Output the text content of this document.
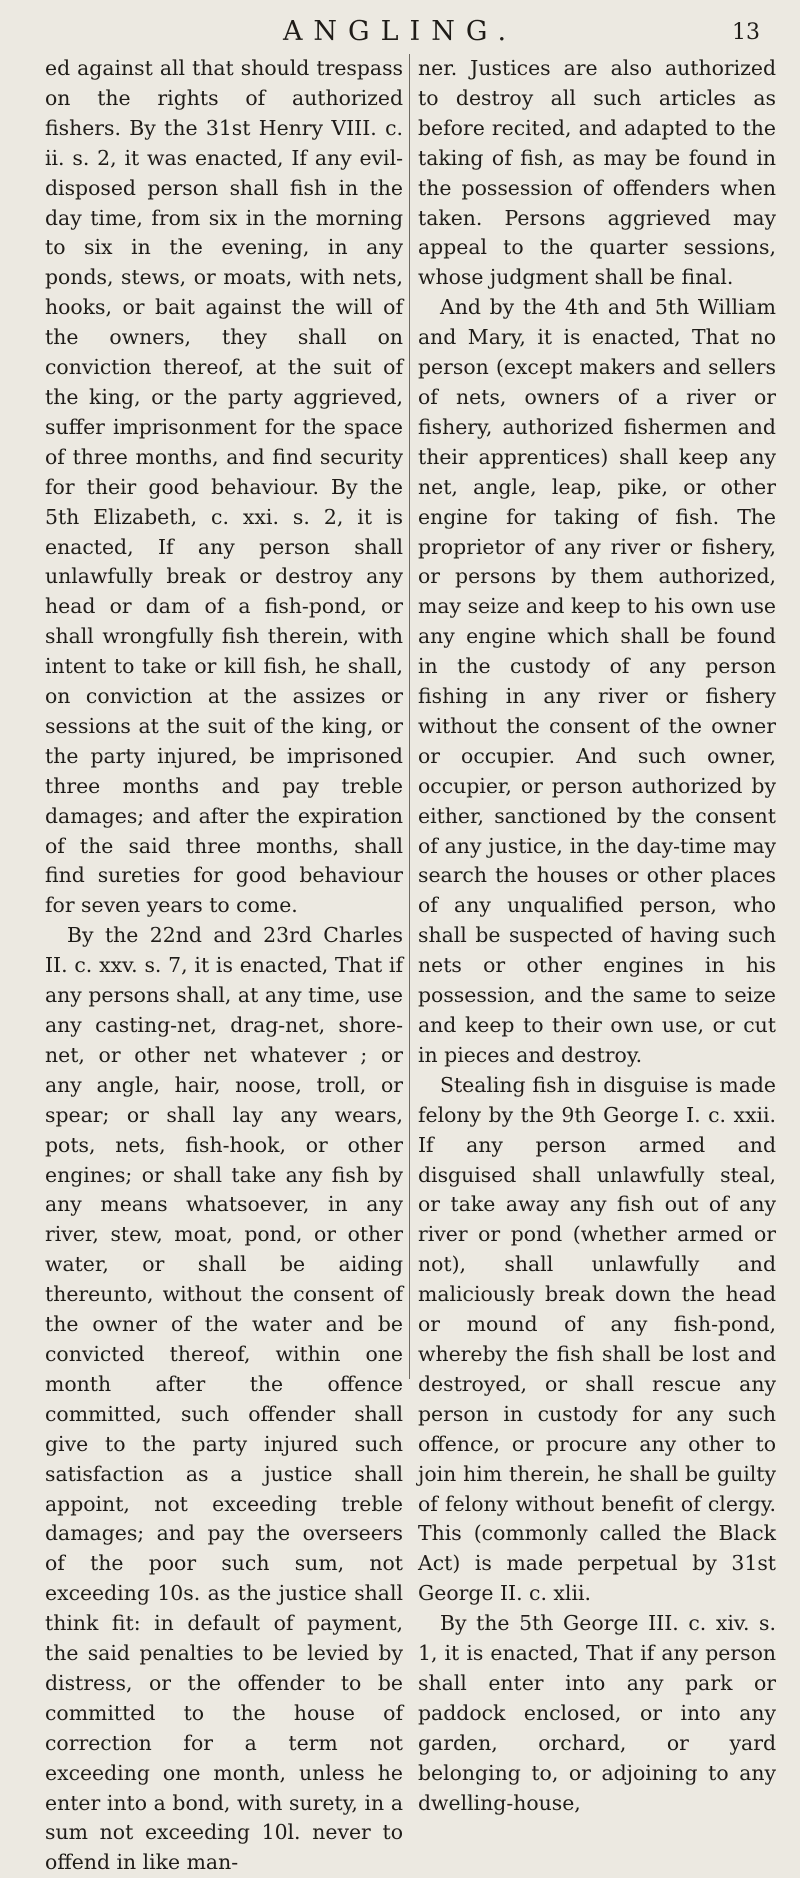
ANGLING.	13

ed against all that should trespass on the rights of authorized fishers. By the 31st Henry VIII. c. ii. s. 2, it was enacted, If any evil-disposed person shall fish in the day time, from six in the morning to six in the evening, in any ponds, stews, or moats, with nets, hooks, or bait against the will of the owners, they shall on conviction thereof, at the suit of the king, or the party aggrieved, suffer imprisonment for the space of three months, and find security for their good behaviour. By the 5th Elizabeth, c. xxi. s. 2, it is enacted, If any person shall unlawfully break or destroy any head or dam of a fish-pond, or shall wrongfully fish therein, with intent to take or kill fish, he shall, on conviction at the assizes or sessions at the suit of the king, or the party injured, be imprisoned three months and pay treble damages; and after the expiration of the said three months, shall find sureties for good behaviour for seven years to come.

By the 22nd and 23rd Charles II. c. xxv. s. 7, it is enacted, That if any persons shall, at any time, use any casting-net, drag-net, shore-net, or other net whatever ; or any angle, hair, noose, troll, or spear; or shall lay any wears, pots, nets, fish-hook, or other engines; or shall take any fish by any means whatsoever, in any river, stew, moat, pond, or other water, or shall be aiding thereunto, without the consent of the owner of the water and be convicted thereof, within one month after the offence committed, such offender shall give to the party injured such satisfaction as a justice shall appoint, not exceeding treble damages; and pay the overseers of the poor such sum, not exceeding 10s. as the justice shall think fit: in default of payment, the said penalties to be levied by distress, or the offender to be committed to the house of correction for a term not exceeding one month, unless he enter into a bond, with surety, in a sum not exceeding 10l. never to offend in like man-

ner. Justices are also authorized to destroy all such articles as before recited, and adapted to the taking of fish, as may be found in the possession of offenders when taken. Persons aggrieved may appeal to the quarter sessions, whose judgment shall be final.

And by the 4th and 5th William and Mary, it is enacted, That no person (except makers and sellers of nets, owners of a river or fishery, authorized fishermen and their apprentices) shall keep any net, angle, leap, pike, or other engine for taking of fish. The proprietor of any river or fishery, or persons by them authorized, may seize and keep to his own use any engine which shall be found in the custody of any person fishing in any river or fishery without the consent of the owner or occupier. And such owner, occupier, or person authorized by either, sanctioned by the consent of any justice, in the day-time may search the houses or other places of any unqualified person, who shall be suspected of having such nets or other engines in his possession, and the same to seize and keep to their own use, or cut in pieces and destroy.

Stealing fish in disguise is made felony by the 9th George I. c. xxii. If any person armed and disguised shall unlawfully steal, or take away any fish out of any river or pond (whether armed or not), shall unlawfully and maliciously break down the head or mound of any fish-pond, whereby the fish shall be lost and destroyed, or shall rescue any person in custody for any such offence, or procure any other to join him therein, he shall be guilty of felony without benefit of clergy. This (commonly called the Black Act) is made perpetual by 31st George II. c. xlii.

By the 5th George III. c. xiv. s. 1, it is enacted, That if any person shall enter into any park or paddock enclosed, or into any garden, orchard, or yard belonging to, or adjoining to any dwelling-house,
